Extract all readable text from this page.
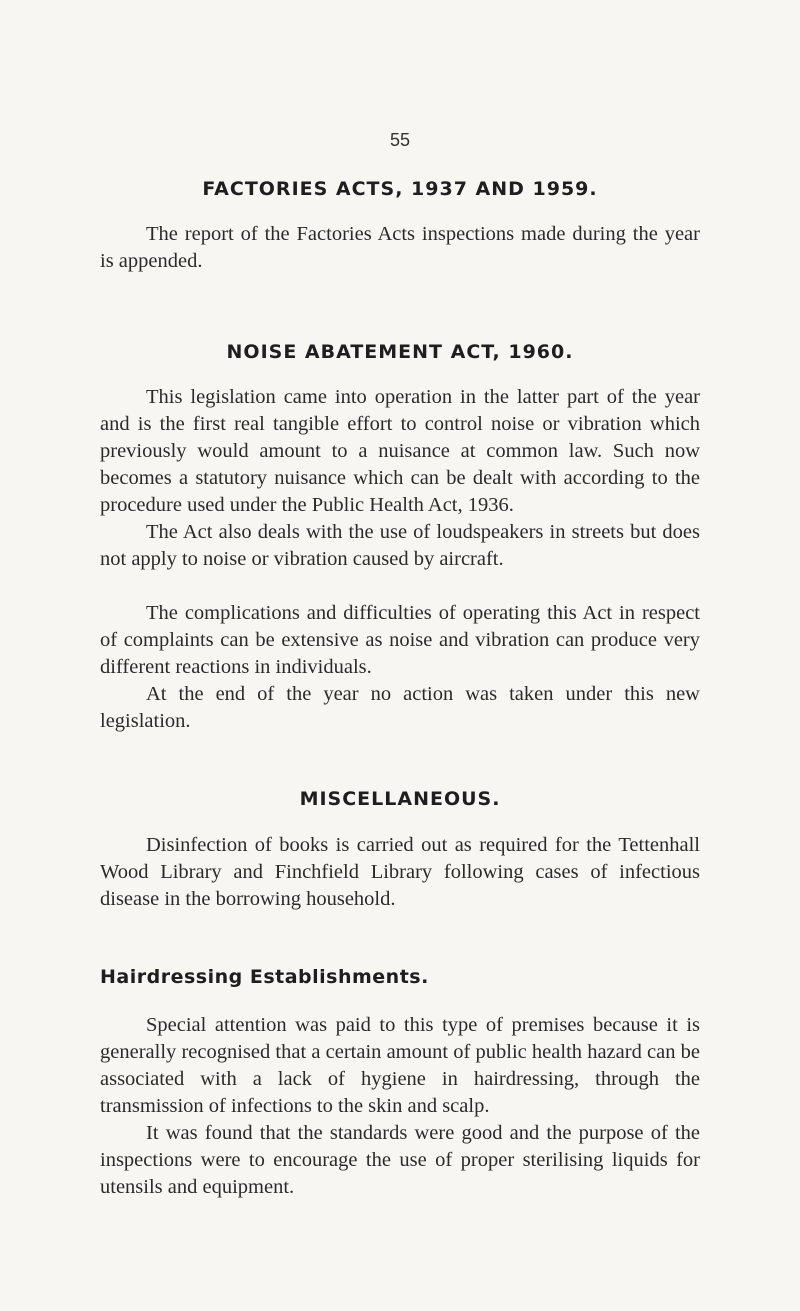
55
FACTORIES ACTS, 1937 AND 1959.

The report of the Factories Acts inspections made during the year is appended.

NOISE ABATEMENT ACT, 1960.

This legislation came into operation in the latter part of the year and is the first real tangible effort to control noise or vibration which previously would amount to a nuisance at common law. Such now becomes a statutory nuisance which can be dealt with according to the procedure used under the Public Health Act, 1936.

The Act also deals with the use of loudspeakers in streets but does not apply to noise or vibration caused by aircraft.

The complications and difficulties of operating this Act in respect of complaints can be extensive as noise and vibration can produce very different reactions in individuals.

At the end of the year no action was taken under this new legislation.

MISCELLANEOUS.

Disinfection of books is carried out as required for the Tettenhall Wood Library and Finchfield Library following cases of infectious disease in the borrowing household.

Hairdressing Establishments.

Special attention was paid to this type of premises because it is generally recognised that a certain amount of public health hazard can be associated with a lack of hygiene in hairdressing, through the transmission of infections to the skin and scalp.

It was found that the standards were good and the purpose of the inspections were to encourage the use of proper sterilising liquids for utensils and equipment.
